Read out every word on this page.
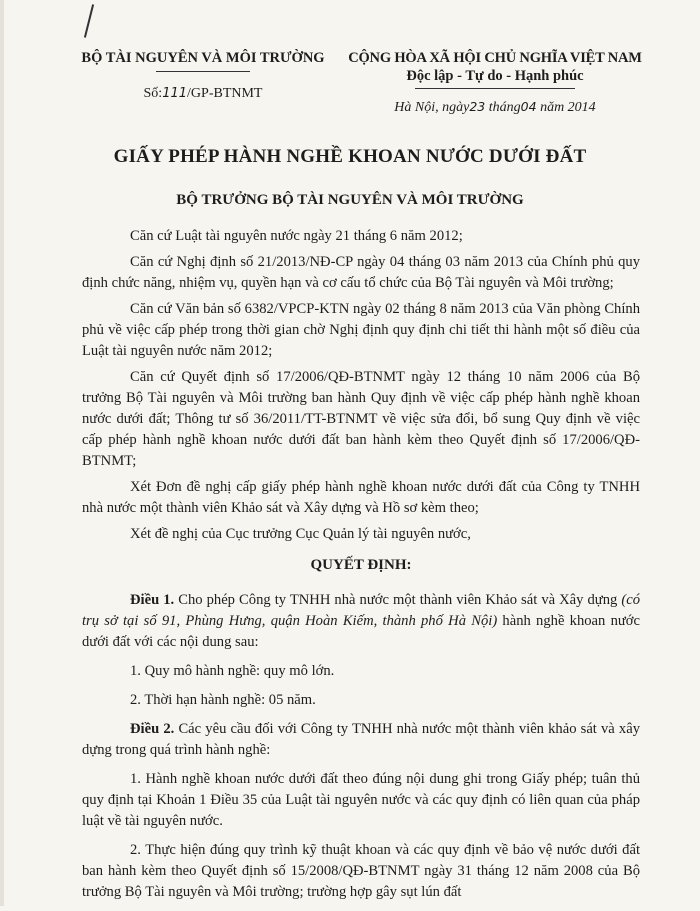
BỘ TÀI NGUYÊN VÀ MÔI TRƯỜNG
Số:111/GP-BTNMT
CỘNG HÒA XÃ HỘI CHỦ NGHĨA VIỆT NAM
Độc lập - Tự do - Hạnh phúc
Hà Nội, ngày23 tháng04 năm 2014
GIẤY PHÉP HÀNH NGHỀ KHOAN NƯỚC DƯỚI ĐẤT
BỘ TRƯỞNG BỘ TÀI NGUYÊN VÀ MÔI TRƯỜNG

Căn cứ Luật tài nguyên nước ngày 21 tháng 6 năm 2012;

Căn cứ Nghị định số 21/2013/NĐ-CP ngày 04 tháng 03 năm 2013 của Chính phủ quy định chức năng, nhiệm vụ, quyền hạn và cơ cấu tổ chức của Bộ Tài nguyên và Môi trường;

Căn cứ Văn bản số 6382/VPCP-KTN ngày 02 tháng 8 năm 2013 của Văn phòng Chính phủ về việc cấp phép trong thời gian chờ Nghị định quy định chi tiết thi hành một số điều của Luật tài nguyên nước năm 2012;

Căn cứ Quyết định số 17/2006/QĐ-BTNMT ngày 12 tháng 10 năm 2006 của Bộ trưởng Bộ Tài nguyên và Môi trường ban hành Quy định về việc cấp phép hành nghề khoan nước dưới đất; Thông tư số 36/2011/TT-BTNMT về việc sửa đổi, bổ sung Quy định về việc cấp phép hành nghề khoan nước dưới đất ban hành kèm theo Quyết định số 17/2006/QĐ-BTNMT;

Xét Đơn đề nghị cấp giấy phép hành nghề khoan nước dưới đất của Công ty TNHH nhà nước một thành viên Khảo sát và Xây dựng và Hồ sơ kèm theo;

Xét đề nghị của Cục trưởng Cục Quản lý tài nguyên nước,

QUYẾT ĐỊNH:

Điều 1. Cho phép Công ty TNHH nhà nước một thành viên Khảo sát và Xây dựng (có trụ sở tại số 91, Phùng Hưng, quận Hoàn Kiếm, thành phố Hà Nội) hành nghề khoan nước dưới đất với các nội dung sau:

1. Quy mô hành nghề: quy mô lớn.

2. Thời hạn hành nghề: 05 năm.

Điều 2. Các yêu cầu đối với Công ty TNHH nhà nước một thành viên khảo sát và xây dựng trong quá trình hành nghề:

1. Hành nghề khoan nước dưới đất theo đúng nội dung ghi trong Giấy phép; tuân thủ quy định tại Khoản 1 Điều 35 của Luật tài nguyên nước và các quy định có liên quan của pháp luật về tài nguyên nước.

2. Thực hiện đúng quy trình kỹ thuật khoan và các quy định về bảo vệ nước dưới đất ban hành kèm theo Quyết định số 15/2008/QĐ-BTNMT ngày 31 tháng 12 năm 2008 của Bộ trưởng Bộ Tài nguyên và Môi trường; trường hợp gây sụt lún đất
